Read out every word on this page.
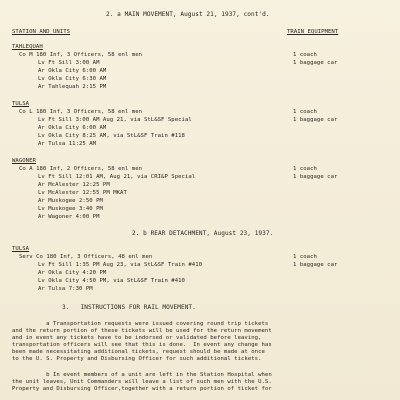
2. a MAIN MOVEMENT, August 21, 1937, cont'd.
STATION AND UNITS	TRAIN EQUIPMENT
TAHLEQUAH
Co M 180 Inf, 3 Officers, 58 enl men
Lv Ft Sill 3:00 AM
Ar Okla City 6:00 AM
Lv Okla City 6:30 AM
Ar Tahlequah 2:15 PM
1 coach
1 baggage car
TULSA
Co L 180 Inf, 3 Officers, 58 enl men
Lv Ft Sill 3:00 AM Aug 21, via StL&SF Special
Ar Okla City 6:00 AM
Lv Okla City 8:25 AM, via StL&SF Train #118
Ar Tulsa 11:25 AM
1 coach
1 baggage car
WAGONER
Co A 180 Inf, 2 Officers, 58 enl men
Lv Ft Sill 12:01 AM, Aug 21, via CRI&P Special
Ar McAlester 12:25 PM
Lv McAlester 12:55 PM MKAT
Ar Muskogee 2:50 PM
Lv Muskogee 3:40 PM
Ar Wagoner 4:00 PM
1 coach
1 baggage car
2. b REAR DETACHMENT, August 23, 1937.
TULSA
Serv Co 180 Inf, 3 Officers, 48 enl men
Lv Ft Sill 1:35 PM Aug 23, via StL&SF Train #410
Ar Okla City 4:20 PM
Lv Okla City 4:50 PM, via StL&SF Train #410
Ar Tulsa 7:30 PM
1 coach
1 baggage car
3.   INSTRUCTIONS FOR RAIL MOVEMENT.
a Transportation requests were issued covering round trip tickets
and the return portion of these tickets will be used for the return movement
and in event any tickets have to be indorsed or validated before leaving,
transportation officers will see that this is done.  In event any change has
been made necessitating additional tickets, request should be made at once
to the U. S. Property and Disbursing Officer for such additional tickets.
b In event members of a unit are left in the Station Hospital when
the unit leaves, Unit Commanders will leave a list of such men with the U.S.
Property and Disbursing Officer,together with a return portion of ticket for
